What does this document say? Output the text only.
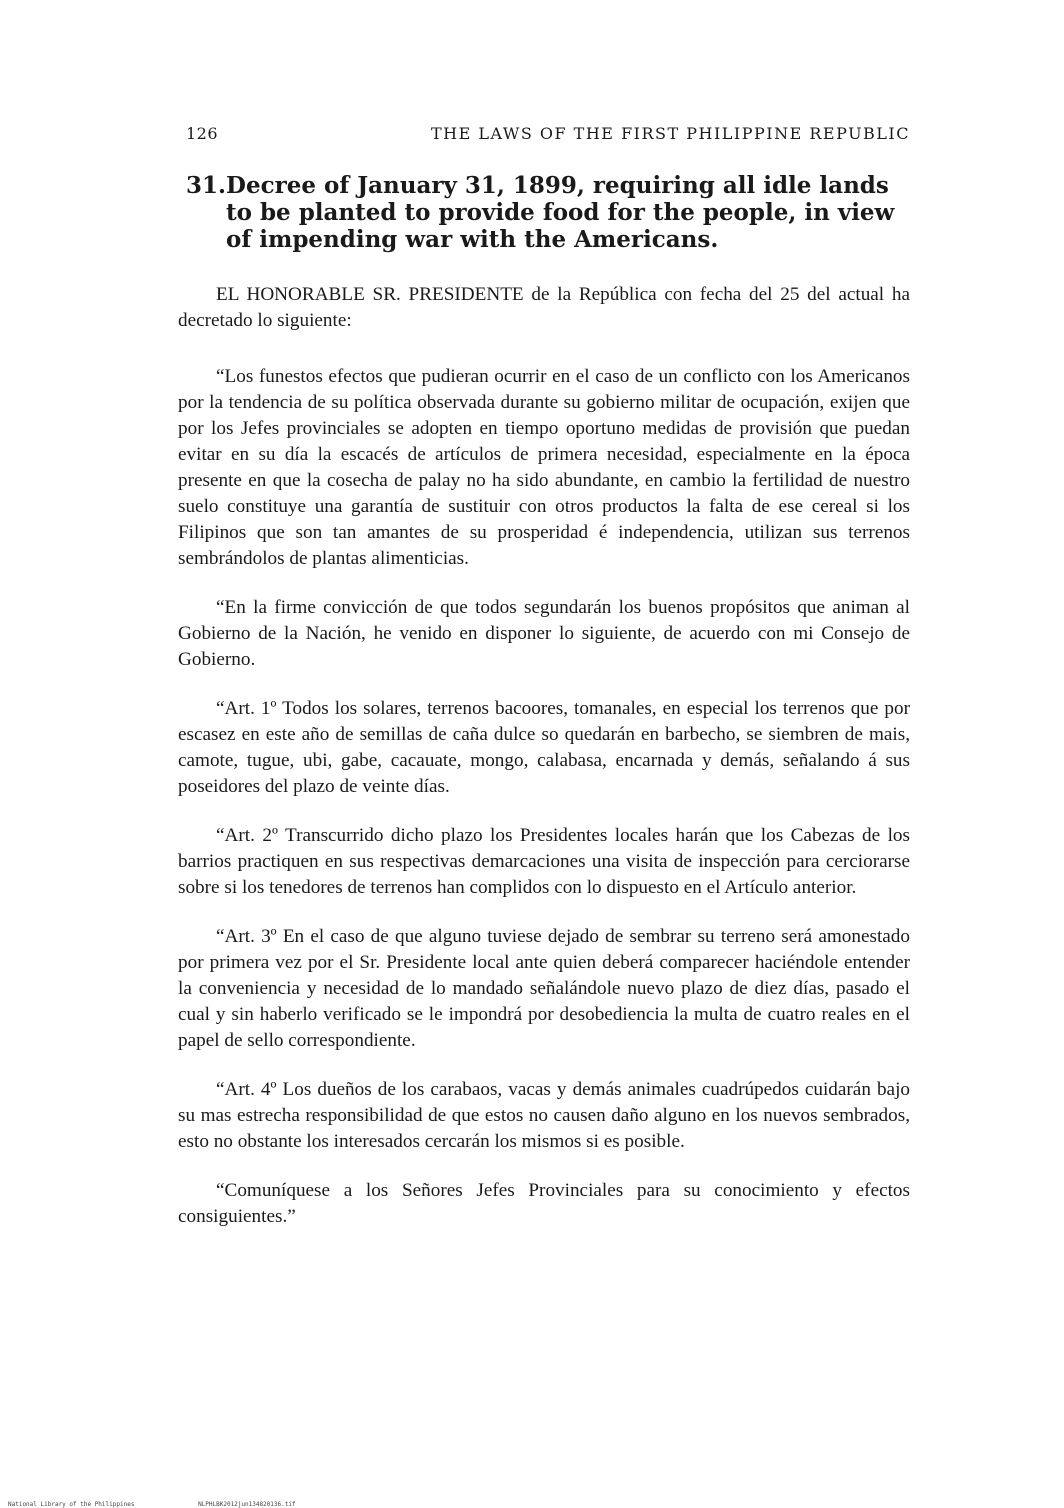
126	THE LAWS OF THE FIRST PHILIPPINE REPUBLIC
31. Decree of January 31, 1899, requiring all idle lands to be planted to provide food for the people, in view of impending war with the Americans.

EL HONORABLE SR. PRESIDENTE de la República con fecha del 25 del actual ha decretado lo siguiente:

“Los funestos efectos que pudieran ocurrir en el caso de un conflicto con los Americanos por la tendencia de su política observada durante su gobierno militar de ocupación, exijen que por los Jefes provinciales se adopten en tiempo oportuno medidas de provisión que puedan evitar en su día la escacés de artículos de primera necesidad, especialmente en la época presente en que la cosecha de palay no ha sido abundante, en cambio la fertilidad de nuestro suelo constituye una garantía de sustituir con otros productos la falta de ese cereal si los Filipinos que son tan amantes de su prosperidad é independencia, utilizan sus terrenos sembrándolos de plantas alimenticias.

“En la firme convicción de que todos segundarán los buenos propósitos que animan al Gobierno de la Nación, he venido en disponer lo siguiente, de acuerdo con mi Consejo de Gobierno.

“Art. 1º Todos los solares, terrenos bacoores, tomanales, en especial los terrenos que por escasez en este año de semillas de caña dulce so quedarán en barbecho, se siembren de mais, camote, tugue, ubi, gabe, cacauate, mongo, calabasa, encarnada y demás, señalando á sus poseidores del plazo de veinte días.

“Art. 2º Transcurrido dicho plazo los Presidentes locales harán que los Cabezas de los barrios practiquen en sus respectivas demarcaciones una visita de inspección para cerciorarse sobre si los tenedores de terrenos han complidos con lo dispuesto en el Artículo anterior.

“Art. 3º En el caso de que alguno tuviese dejado de sembrar su terreno será amonestado por primera vez por el Sr. Presidente local ante quien deberá comparecer haciéndole entender la conveniencia y necesidad de lo mandado señalándole nuevo plazo de diez días, pasado el cual y sin haberlo verificado se le impondrá por desobediencia la multa de cuatro reales en el papel de sello correspondiente.

“Art. 4º Los dueños de los carabaos, vacas y demás animales cuadrúpedos cuidarán bajo su mas estrecha responsibilidad de que estos no causen daño alguno en los nuevos sembrados, esto no obstante los interesados cercarán los mismos si es posible.

“Comuníquese a los Señores Jefes Provinciales para su conocimiento y efectos consiguientes.”

National Library of the Philippines	NLPHLBK2012jun134820136.tif
